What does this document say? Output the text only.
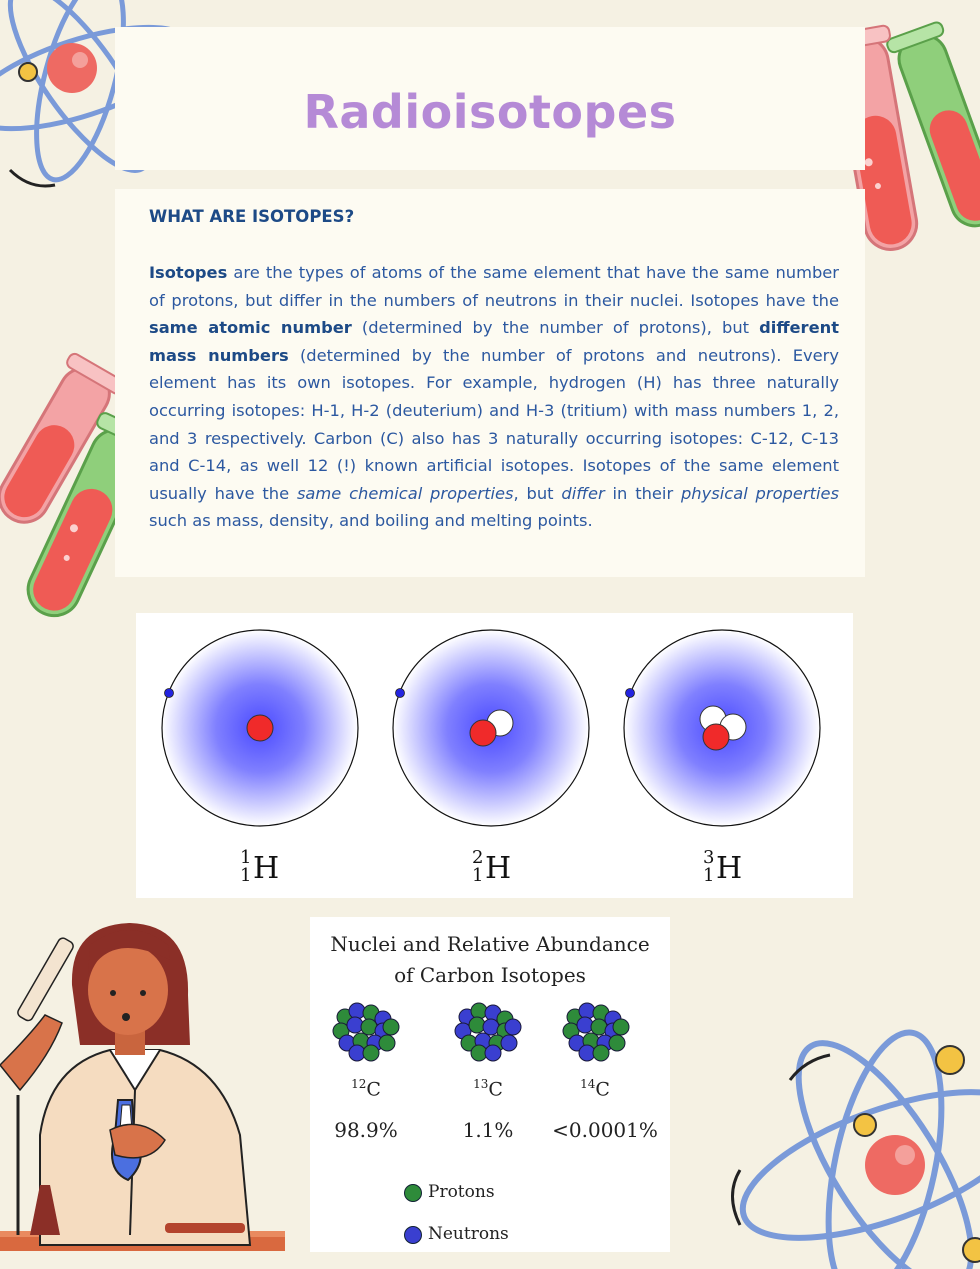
Radioisotopes
WHAT ARE ISOTOPES?
Isotopes are the types of atoms of the same element that have the same number of protons, but differ in the numbers of neutrons in their nuclei. Isotopes have the same atomic number (determined by the number of protons), but different mass numbers (determined by the number of protons and neutrons). Every element has its own isotopes. For example, hydrogen (H) has three naturally occurring isotopes: H-1, H-2 (deuterium) and H-3 (tritium) with mass numbers 1, 2, and 3 respectively. Carbon (C) also has 3 naturally occurring isotopes: C-12, C-13 and C-14, as well 12 (!) known artificial isotopes. Isotopes of the same element usually have the same chemical properties, but differ in their physical properties such as mass, density, and boiling and melting points.
1
1 H	2
1 H	3
1 H
Nuclei and Relative Abundance
of Carbon Isotopes
$^{12}$C	$^{13}$C	$^{14}$C
98.9%	1.1%	<0.0001%
Protons
Neutrons
